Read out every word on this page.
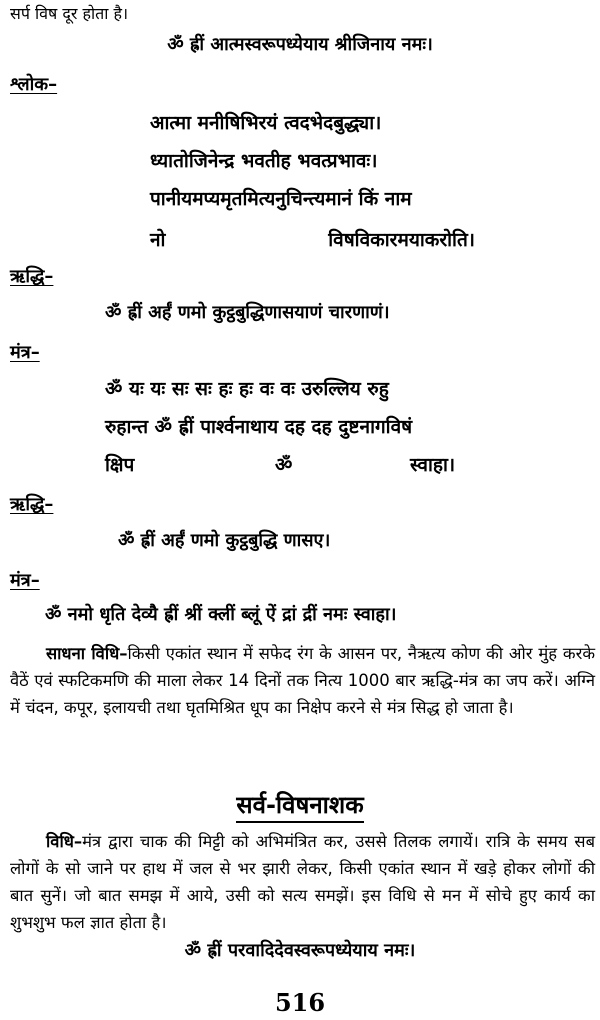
सर्प विष दूर होता है।
ॐ ह्रीं आत्मस्वरूपध्येयाय श्रीजिनाय नमः।
श्लोक–
आत्मा मनीषिभिरयं त्वदभेदबुद्ध्या।
ध्यातोजिनेन्द्र भवतीह भवत्प्रभावः।
पानीयमप्यमृतमित्यनुचिन्त्यमानं किं नाम
नो	विषविकारमयाकरोति।
ऋद्धि–
ॐ ह्रीं अर्हं णमो कुट्ठबुद्धिणासयाणं चारणाणं।
मंत्र–
ॐ यः यः सः सः हः हः वः वः उरुल्लिय रुहु
रुहान्त ॐ ह्रीं पार्श्वनाथाय दह दह दुष्टनागविषं
क्षिप	ॐ	स्वाहा।
ऋद्धि–
ॐ ह्रीं अर्हं णमो कुट्ठबुद्धि णासए।
मंत्र–
ॐ नमो धृति देव्यै ह्रीं श्रीं क्लीं ब्लूं ऐं द्रां द्रीं नमः स्वाहा।
साधना विधि–किसी एकांत स्थान में सफेद रंग के आसन पर, नैऋत्य कोण की ओर मुंह करके वैठें एवं स्फटिकमणि की माला लेकर 14 दिनों तक नित्य 1000 बार ऋद्धि-मंत्र का जप करें। अग्नि में चंदन, कपूर, इलायची तथा घृतमिश्रित धूप का निक्षेप करने से मंत्र सिद्ध हो जाता है।
सर्व-विषनाशक
विधि–मंत्र द्वारा चाक की मिट्टी को अभिमंत्रित कर, उससे तिलक लगायें। रात्रि के समय सब लोगों के सो जाने पर हाथ में जल से भर झारी लेकर, किसी एकांत स्थान में खड़े होकर लोगों की बात सुनें। जो बात समझ में आये, उसी को सत्य समझें। इस विधि से मन में सोचे हुए कार्य का शुभशुभ फल ज्ञात होता है।
ॐ ह्रीं परवादिदेवस्वरूपध्येयाय नमः।
516
